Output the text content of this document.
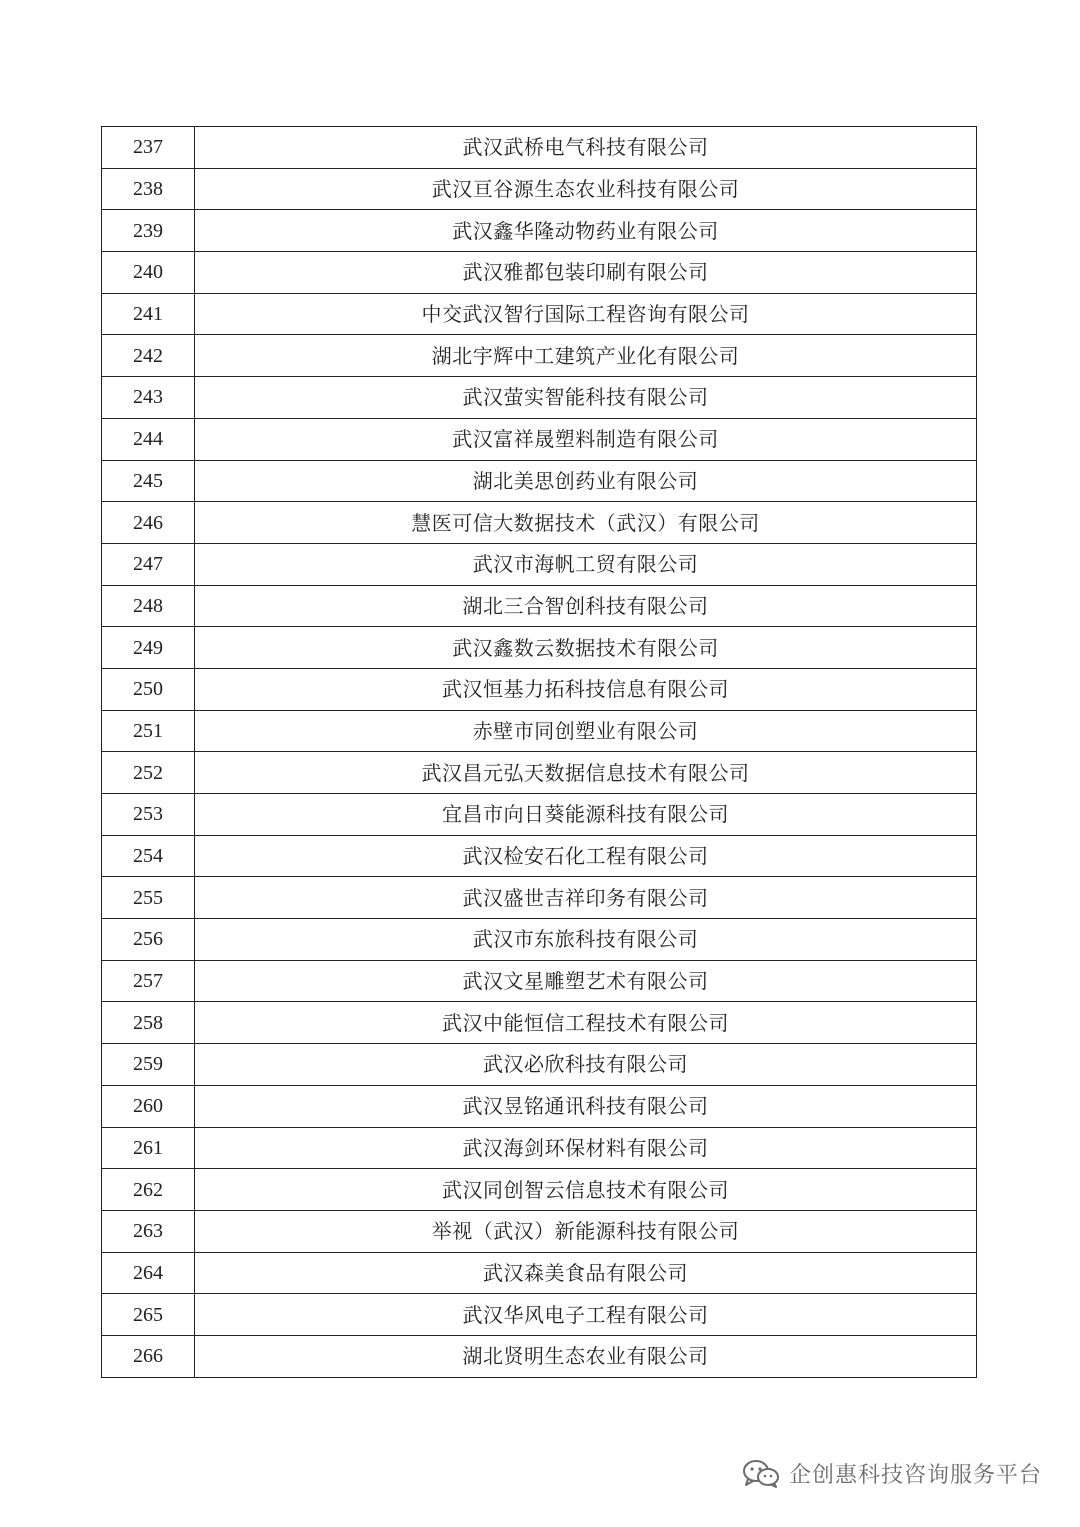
237	武汉武桥电气科技有限公司
238	武汉亘谷源生态农业科技有限公司
239	武汉鑫华隆动物药业有限公司
240	武汉雅都包装印刷有限公司
241	中交武汉智行国际工程咨询有限公司
242	湖北宇辉中工建筑产业化有限公司
243	武汉萤实智能科技有限公司
244	武汉富祥晟塑料制造有限公司
245	湖北美思创药业有限公司
246	慧医可信大数据技术（武汉）有限公司
247	武汉市海帆工贸有限公司
248	湖北三合智创科技有限公司
249	武汉鑫数云数据技术有限公司
250	武汉恒基力拓科技信息有限公司
251	赤壁市同创塑业有限公司
252	武汉昌元弘天数据信息技术有限公司
253	宜昌市向日葵能源科技有限公司
254	武汉检安石化工程有限公司
255	武汉盛世吉祥印务有限公司
256	武汉市东旅科技有限公司
257	武汉文星雕塑艺术有限公司
258	武汉中能恒信工程技术有限公司
259	武汉必欣科技有限公司
260	武汉昱铭通讯科技有限公司
261	武汉海剑环保材料有限公司
262	武汉同创智云信息技术有限公司
263	举视（武汉）新能源科技有限公司
264	武汉森美食品有限公司
265	武汉华风电子工程有限公司
266	湖北贤明生态农业有限公司
企创惠科技咨询服务平台
